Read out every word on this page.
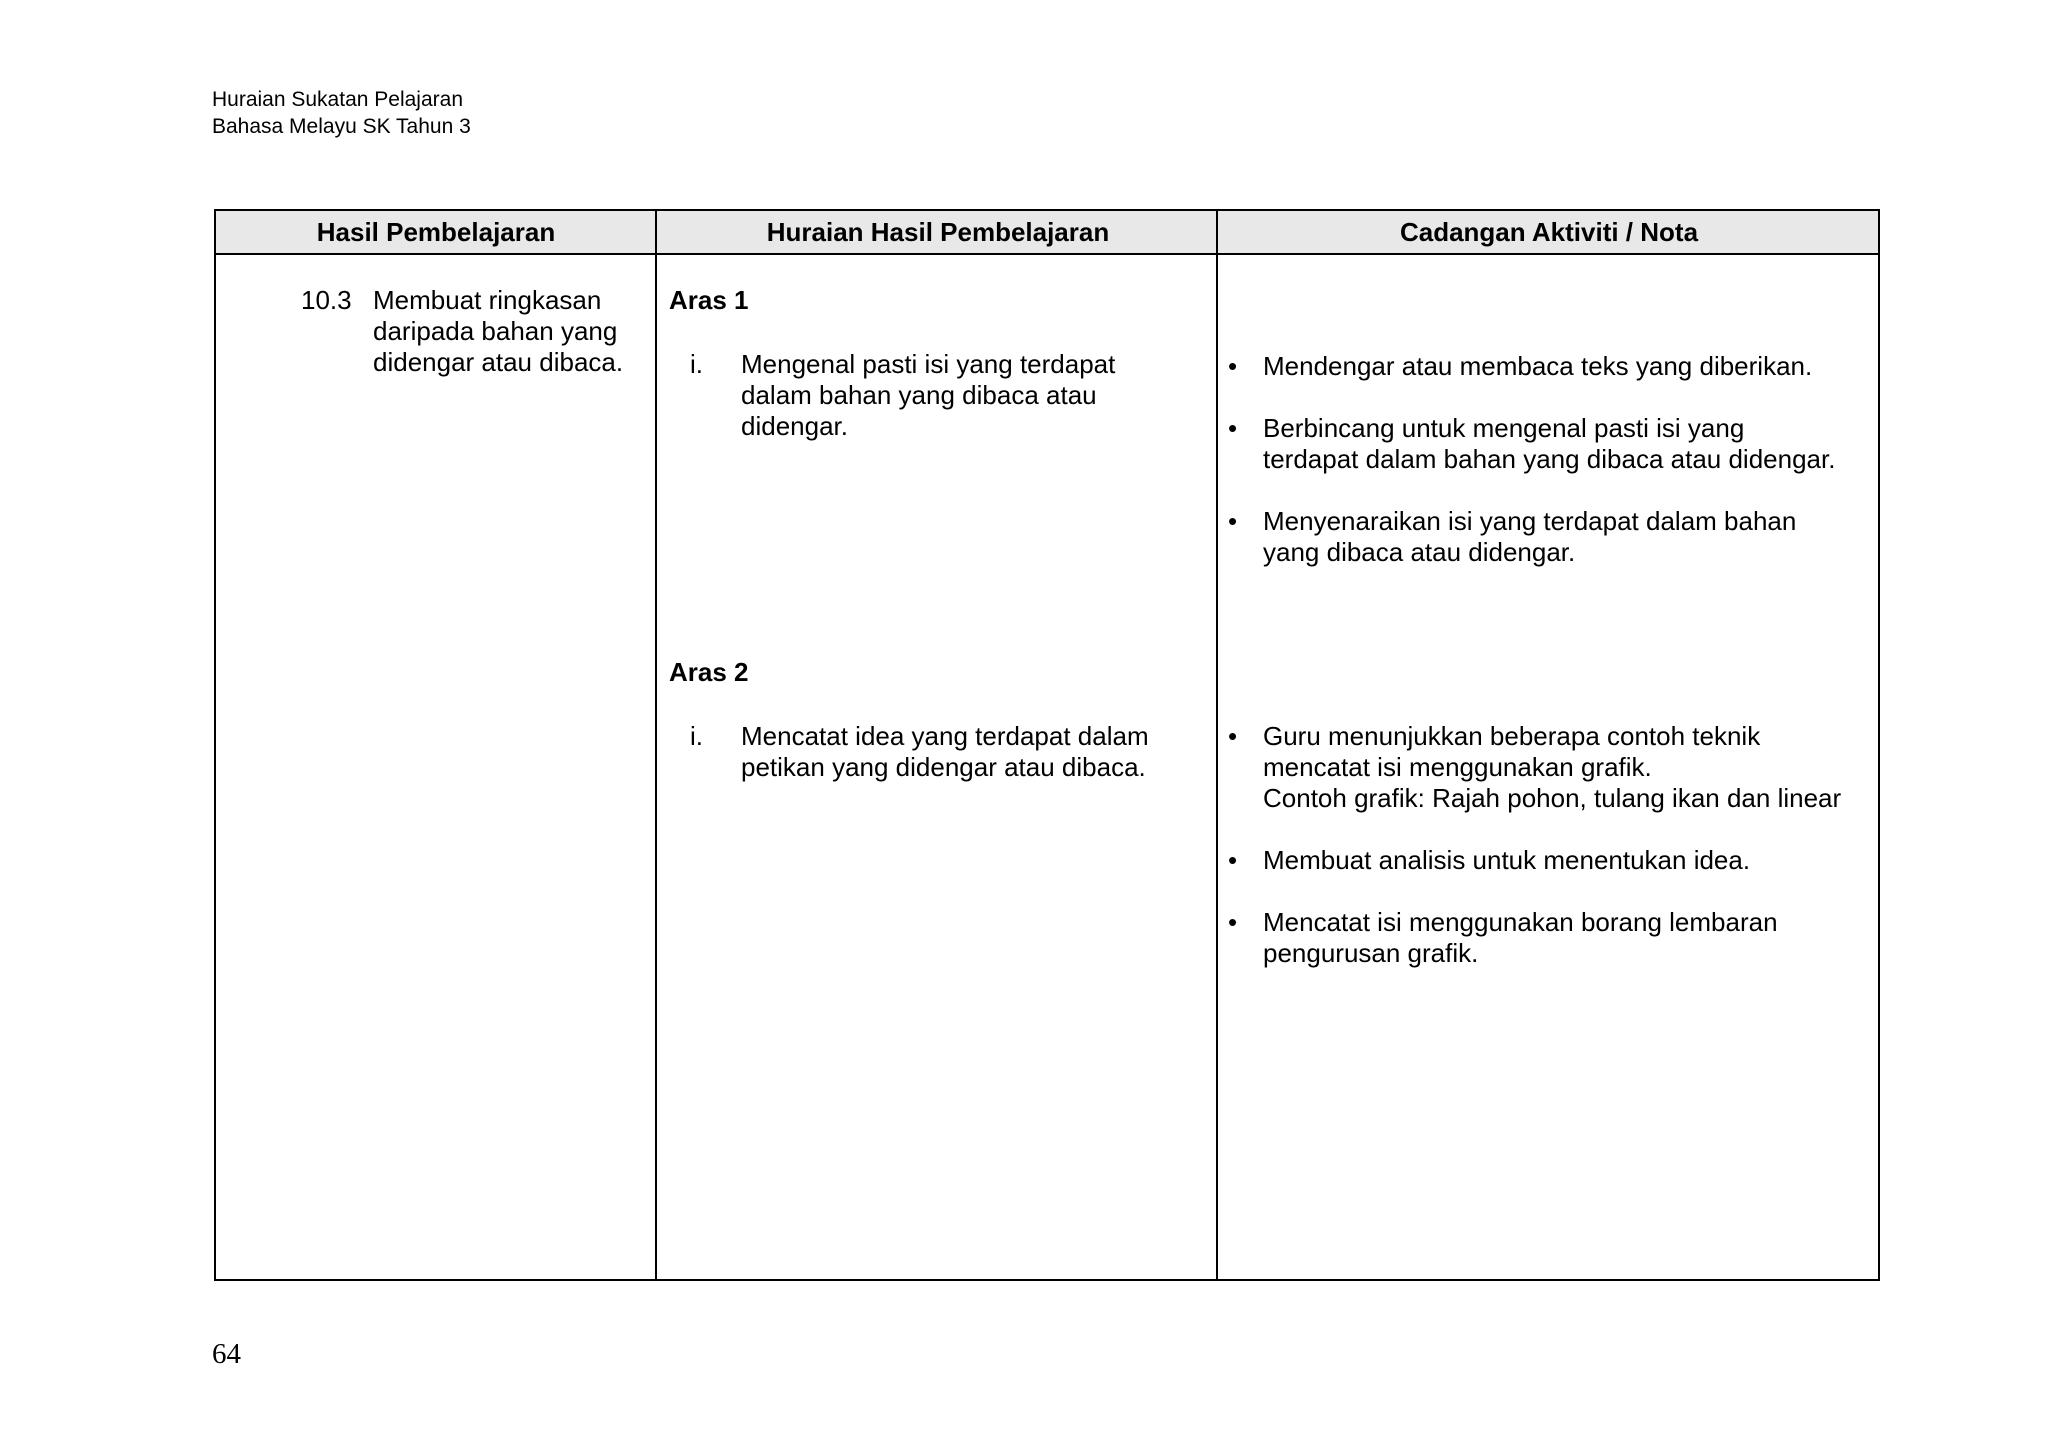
Huraian Sukatan Pelajaran
Bahasa Melayu SK Tahun 3
Hasil Pembelajaran	Huraian Hasil Pembelajaran	Cadangan Aktiviti / Nota
10.3 Membuat ringkasan
daripada bahan yang
didengar atau dibaca.
Aras 1
i. Mengenal pasti isi yang terdapat
dalam bahan yang dibaca atau
didengar.
Aras 2
i. Mencatat idea yang terdapat dalam
petikan yang didengar atau dibaca.
• Mendengar atau membaca teks yang diberikan.
• Berbincang untuk mengenal pasti isi yang
terdapat dalam bahan yang dibaca atau didengar.
• Menyenaraikan isi yang terdapat dalam bahan
yang dibaca atau didengar.
• Guru menunjukkan beberapa contoh teknik
mencatat isi menggunakan grafik.
Contoh grafik: Rajah pohon, tulang ikan dan linear
• Membuat analisis untuk menentukan idea.
• Mencatat isi menggunakan borang lembaran
pengurusan grafik.
64
